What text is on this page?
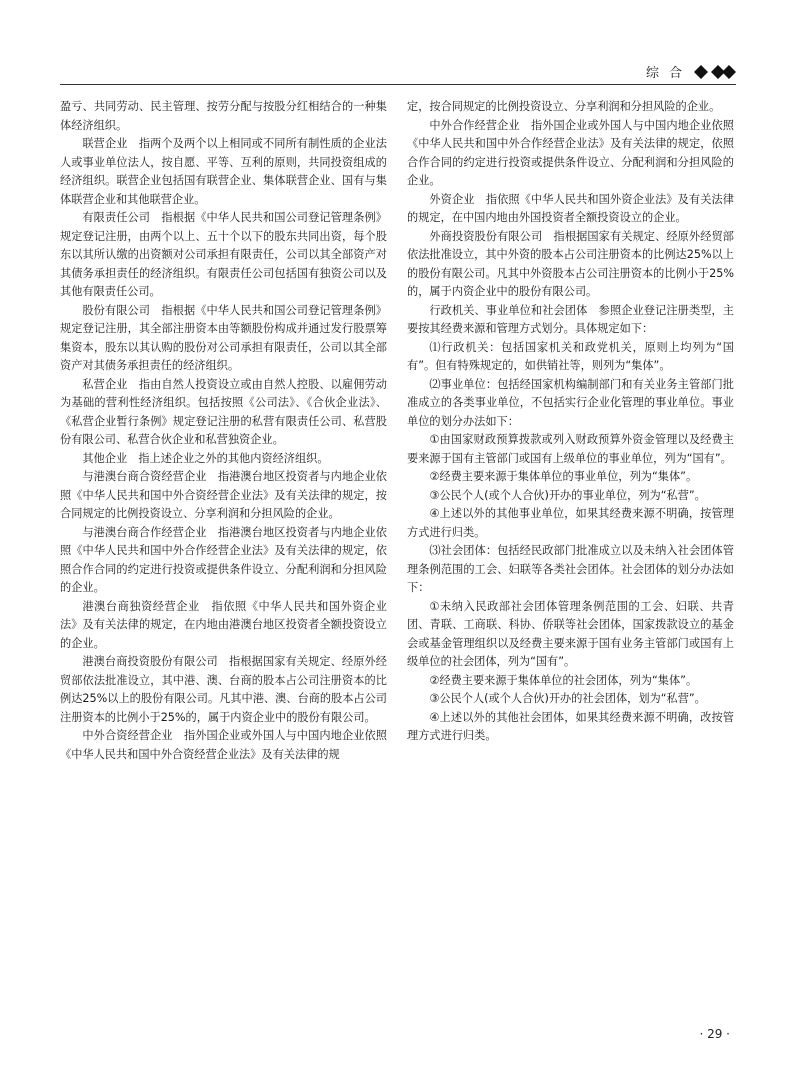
综合

盈亏、共同劳动、民主管理、按劳分配与按股分红相结合的一种集体经济组织。

联营企业　 指两个及两个以上相同或不同所有制性质的企业法人或事业单位法人，按自愿、平等、互利的原则，共同投资组成的经济组织。联营企业包括国有联营企业、集体联营企业、国有与集体联营企业和其他联营企业。

有限责任公司　 指根据《中华人民共和国公司登记管理条例》规定登记注册，由两个以上、五十个以下的股东共同出资，每个股东以其所认缴的出资额对公司承担有限责任，公司以其全部资产对其债务承担责任的经济组织。有限责任公司包括国有独资公司以及其他有限责任公司。

股份有限公司　 指根据《中华人民共和国公司登记管理条例》规定登记注册，其全部注册资本由等额股份构成并通过发行股票筹集资本，股东以其认购的股份对公司承担有限责任，公司以其全部资产对其债务承担责任的经济组织。

私营企业　 指由自然人投资设立或由自然人控股、以雇佣劳动为基础的营利性经济组织。包括按照《公司法》、《合伙企业法》、《私营企业暂行条例》规定登记注册的私营有限责任公司、私营股份有限公司、私营合伙企业和私营独资企业。

其他企业　 指上述企业之外的其他内资经济组织。

与港澳台商合资经营企业　 指港澳台地区投资者与内地企业依照《中华人民共和国中外合资经营企业法》及有关法律的规定，按合同规定的比例投资设立、分享利润和分担风险的企业。

与港澳台商合作经营企业　 指港澳台地区投资者与内地企业依照《中华人民共和国中外合作经营企业法》及有关法律的规定，依照合作合同的约定进行投资或提供条件设立、分配利润和分担风险的企业。

港澳台商独资经营企业　 指依照《中华人民共和国外资企业法》及有关法律的规定，在内地由港澳台地区投资者全额投资设立的企业。

港澳台商投资股份有限公司　 指根据国家有关规定、经原外经贸部依法批准设立，其中港、澳、台商的股本占公司注册资本的比例达25%以上的股份有限公司。凡其中港、澳、台商的股本占公司注册资本的比例小于25%的，属于内资企业中的股份有限公司。

中外合资经营企业　 指外国企业或外国人与中国内地企业依照《中华人民共和国中外合资经营企业法》及有关法律的规

定，按合同规定的比例投资设立、分享利润和分担风险的企业。

中外合作经营企业　 指外国企业或外国人与中国内地企业依照《中华人民共和国中外合作经营企业法》及有关法律的规定，依照合作合同的约定进行投资或提供条件设立、分配利润和分担风险的企业。

外资企业　 指依照《中华人民共和国外资企业法》及有关法律的规定，在中国内地由外国投资者全额投资设立的企业。

外商投资股份有限公司　 指根据国家有关规定、经原外经贸部依法批准设立，其中外资的股本占公司注册资本的比例达25%以上的股份有限公司。凡其中外资股本占公司注册资本的比例小于25%的，属于内资企业中的股份有限公司。

行政机关、事业单位和社会团体　 参照企业登记注册类型，主要按其经费来源和管理方式划分。具体规定如下：

⑴行政机关：包括国家机关和政党机关，原则上均列为“国有”。但有特殊规定的，如供销社等，则列为“集体”。

⑵事业单位：包括经国家机构编制部门和有关业务主管部门批准成立的各类事业单位，不包括实行企业化管理的事业单位。事业单位的划分办法如下：

①由国家财政预算拨款或列入财政预算外资金管理以及经费主要来源于国有主管部门或国有上级单位的事业单位，列为“国有”。

②经费主要来源于集体单位的事业单位，列为“集体”。

③公民个人(或个人合伙)开办的事业单位，列为“私营”。

④上述以外的其他事业单位，如果其经费来源不明确，按管理方式进行归类。

⑶社会团体：包括经民政部门批准成立以及未纳入社会团体管理条例范围的工会、妇联等各类社会团体。社会团体的划分办法如下：

①未纳入民政部社会团体管理条例范围的工会、妇联、共青团、青联、工商联、科协、侨联等社会团体，国家拨款设立的基金会或基金管理组织以及经费主要来源于国有业务主管部门或国有上级单位的社会团体，列为“国有”。

②经费主要来源于集体单位的社会团体，列为“集体”。

③公民个人(或个人合伙)开办的社会团体，划为“私营”。

④上述以外的其他社会团体，如果其经费来源不明确，改按管理方式进行归类。

· 29 ·
